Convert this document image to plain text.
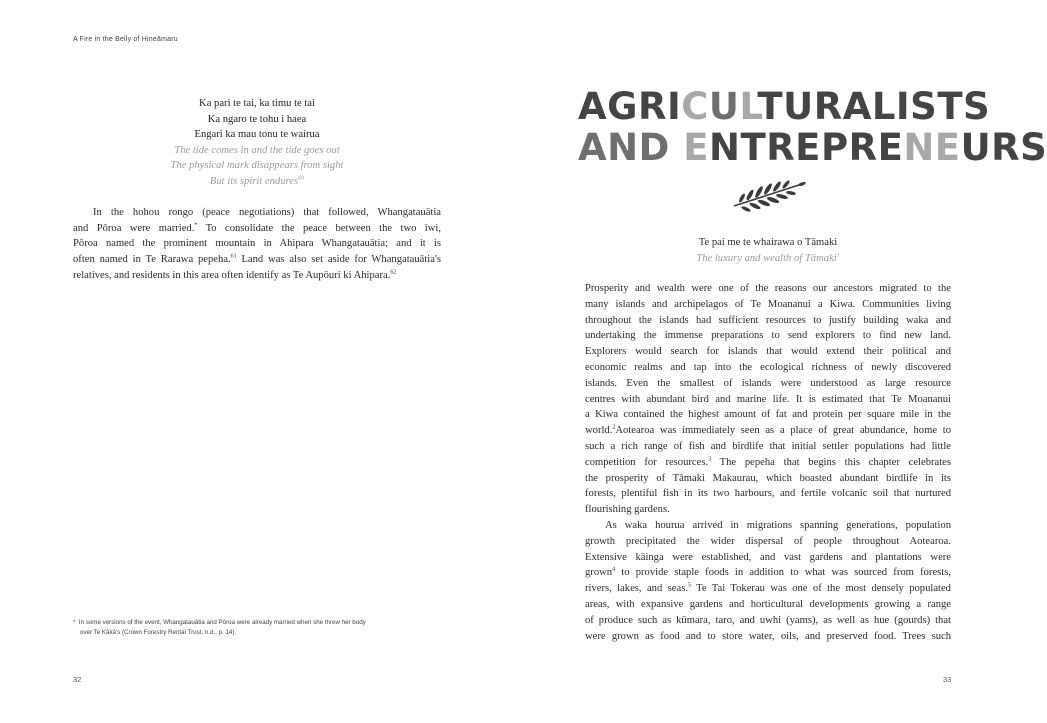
A Fire in the Belly of Hineāmaru
Ka pari te tai, ka timu te tai
Ka ngaro te tohu i haea
Engari ka mau tonu te wairua
The tide comes in and the tide goes out
The physical mark disappears from sight
But its spirit endures$^{60}$
In the hohou rongo (peace negotiations) that followed, Whangatauātia
and Pōroa were married.* To consolidate the peace between the two iwi,
Pōroa named the prominent mountain in Ahipara Whangatauātia; and it is
often named in Te Rarawa pepeha.$^{61}$ Land was also set aside for Whangatauātia's
relatives, and residents in this area often identify as Te Aupōuri ki Ahipara.$^{62}$
* In some versions of the event, Whangatauātia and Pōroa were already married when she threw her body
over Te Kākā's (Crown Forestry Rental Trust, n.d., p. 14).
32
AGRICULTURALISTS
AND ENTREPRENEURS
Te pai me te whairawa o Tāmaki
The luxury and wealth of Tāmaki$^1$
Prosperity and wealth were one of the reasons our ancestors migrated to the
many islands and archipelagos of Te Moananui a Kiwa. Communities living
throughout the islands had sufficient resources to justify building waka and
undertaking the immense preparations to send explorers to find new land.
Explorers would search for islands that would extend their political and
economic realms and tap into the ecological richness of newly discovered
islands. Even the smallest of islands were understood as large resource
centres with abundant bird and marine life. It is estimated that Te Moananui
a Kiwa contained the highest amount of fat and protein per square mile in the
world.$^2$Aotearoa was immediately seen as a place of great abundance, home to
such a rich range of fish and birdlife that initial settler populations had little
competition for resources.$^3$ The pepeha that begins this chapter celebrates
the prosperity of Tāmaki Makaurau, which boasted abundant birdlife in its
forests, plentiful fish in its two harbours, and fertile volcanic soil that nurtured
flourishing gardens.
As waka hourua arrived in migrations spanning generations, population
growth precipitated the wider dispersal of people throughout Aotearoa.
Extensive kāinga were established, and vast gardens and plantations were
grown$^4$ to provide staple foods in addition to what was sourced from forests,
rivers, lakes, and seas.$^5$ Te Tai Tokerau was one of the most densely populated
areas, with expansive gardens and horticultural developments growing a range
of produce such as kūmara, taro, and uwhi (yams), as well as hue (gourds) that
were grown as food and to store water, oils, and preserved food. Trees such
33
